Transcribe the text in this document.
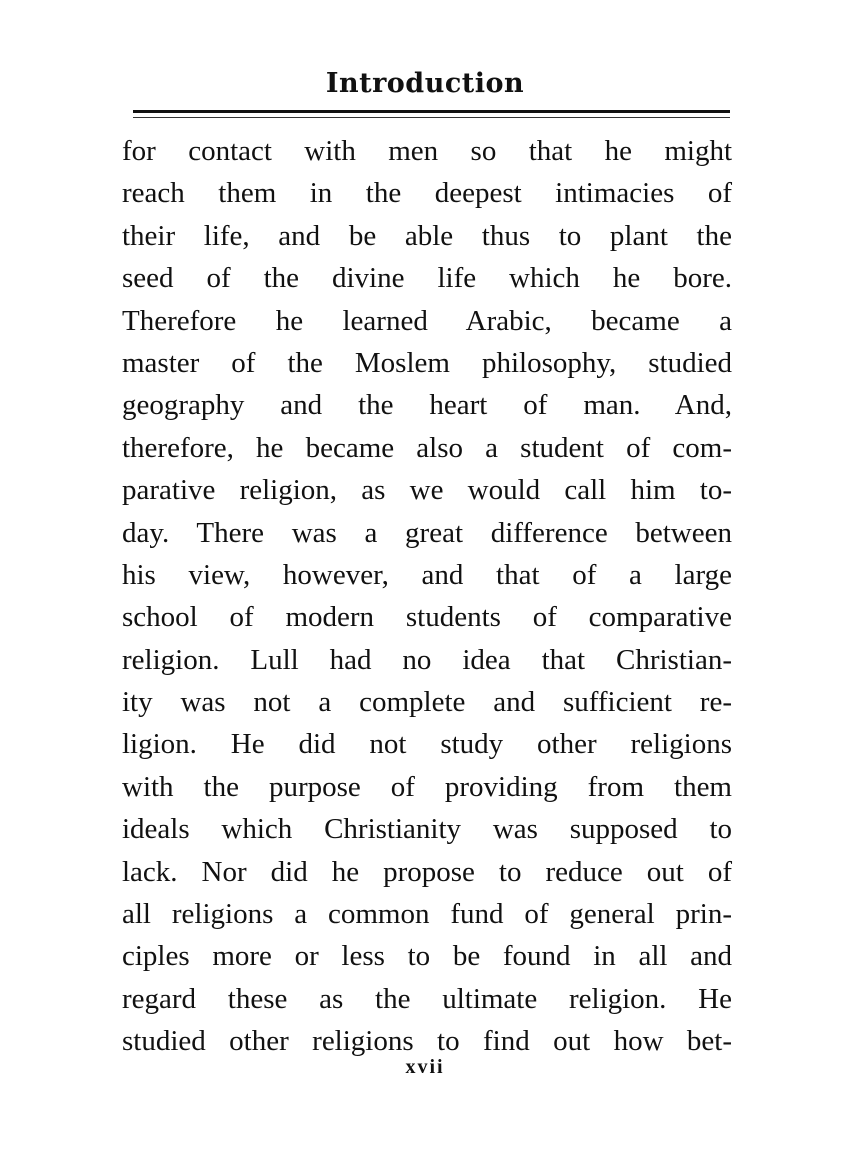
Introduction
for contact with men so that he might
reach them in the deepest intimacies of
their life, and be able thus to plant the
seed of the divine life which he bore.
Therefore he learned Arabic, became a
master of the Moslem philosophy, studied
geography and the heart of man. And,
therefore, he became also a student of com-
parative religion, as we would call him to-
day. There was a great difference between
his view, however, and that of a large
school of modern students of comparative
religion. Lull had no idea that Christian-
ity was not a complete and sufficient re-
ligion. He did not study other religions
with the purpose of providing from them
ideals which Christianity was supposed to
lack. Nor did he propose to reduce out of
all religions a common fund of general prin-
ciples more or less to be found in all and
regard these as the ultimate religion. He
studied other religions to find out how bet-
xvii
